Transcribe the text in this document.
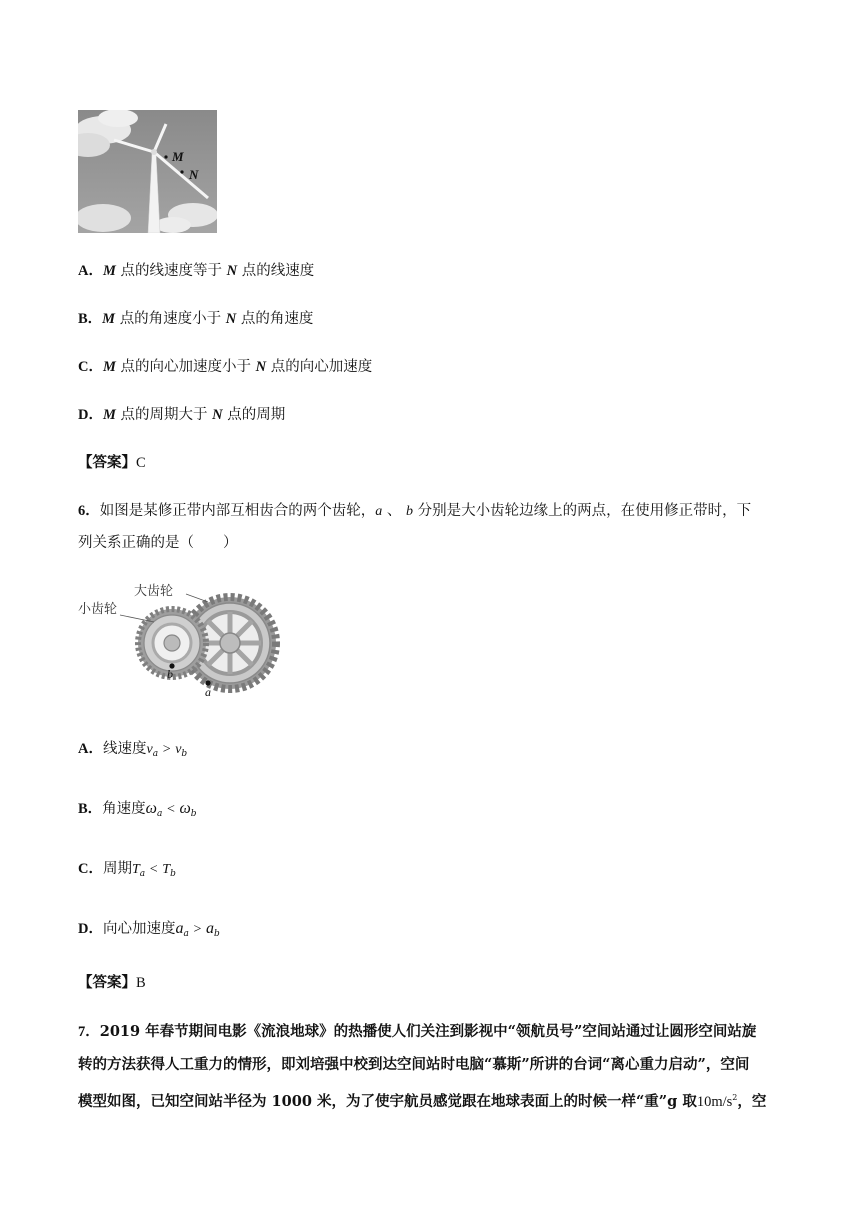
M
N
A．M 点的线速度等于 N 点的线速度
B．M 点的角速度小于 N 点的角速度
C．M 点的向心加速度小于 N 点的向心加速度
D．M 点的周期大于 N 点的周期
【答案】C
6．如图是某修正带内部互相齿合的两个齿轮，a 、 b 分别是大小齿轮边缘上的两点，在使用修正带时，下
列关系正确的是（　　）
小齿轮
大齿轮
b
a
A．线速度$v_a > v_b$
B．角速度$\omega_a < \omega_b$
C．周期$T_a < T_b$
D．向心加速度$a_a > a_b$
【答案】B
7．2019 年春节期间电影《流浪地球》的热播使人们关注到影视中“领航员号”空间站通过让圆形空间站旋
转的方法获得人工重力的情形，即刘培强中校到达空间站时电脑“慕斯”所讲的台词“离心重力启动”，空间
模型如图，已知空间站半径为 1000 米，为了使宇航员感觉跟在地球表面上的时候一样“重”g 取$10m/s^2$，空
